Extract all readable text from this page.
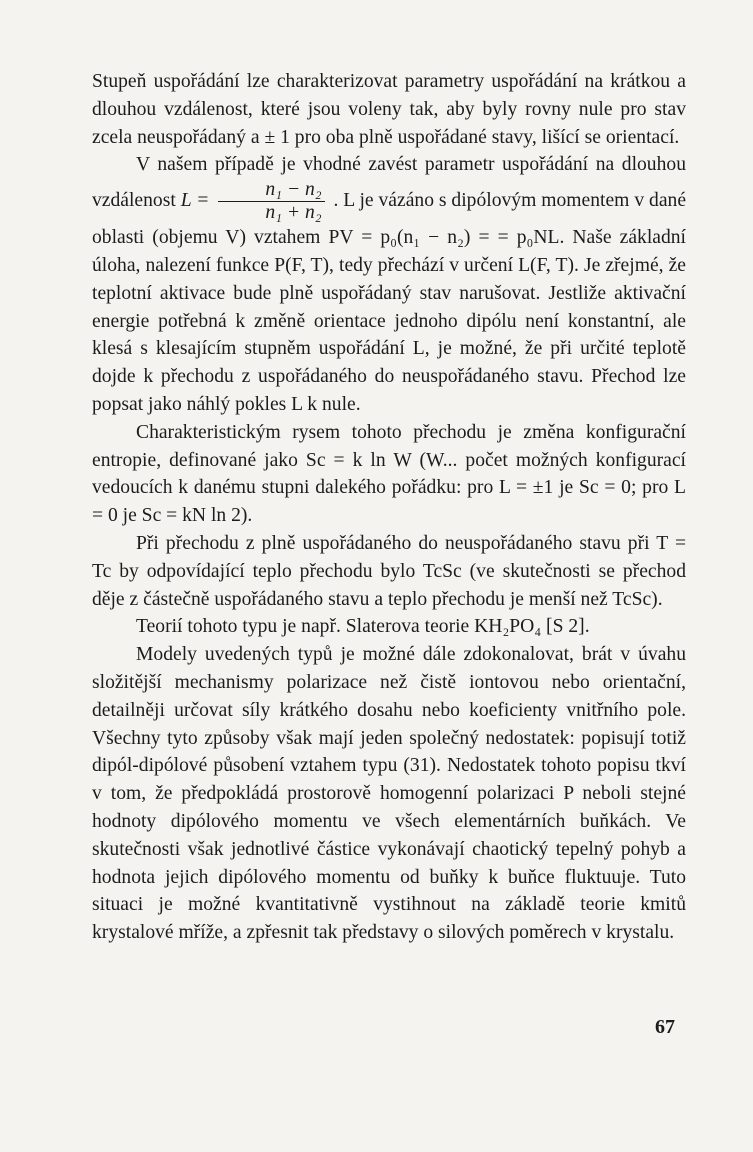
Stupeň uspořádání lze charakterizovat parametry uspořádání na krátkou a dlouhou vzdálenost, které jsou voleny tak, aby byly rovny nule pro stav zcela neuspořádaný a ± 1 pro oba plně uspořádané stavy, lišící se orientací.

V našem případě je vhodné zavést parametr uspořádání na dlouhou vzdálenost $L = \frac{\text{n₁ − n₂}}{\text{n₁ + n₂}}$ . L je vázáno s dipólovým momentem v dané oblasti (objemu V) vztahem PV = p₀(n₁ − n₂) = = p₀NL. Naše základní úloha, nalezení funkce P(F, T), tedy přechází v určení L(F, T). Je zřejmé, že teplotní aktivace bude plně uspořádaný stav narušovat. Jestliže aktivační energie potřebná k změně orientace jednoho dipólu není konstantní, ale klesá s klesajícím stupněm uspořádání L, je možné, že při určité teplotě dojde k přechodu z uspořádaného do neuspořádaného stavu. Přechod lze popsat jako náhlý pokles L k nule.

Charakteristickým rysem tohoto přechodu je změna konfigurační entropie, definované jako Sc = k ln W (W... počet možných konfigurací vedoucích k danému stupni dalekého pořádku: pro L = ±1 je Sc = 0; pro L = 0 je Sc = kN ln 2).

Při přechodu z plně uspořádaného do neuspořádaného stavu při T = Tc by odpovídající teplo přechodu bylo TcSc (ve skutečnosti se přechod děje z částečně uspořádaného stavu a teplo přechodu je menší než TcSc).

Teorií tohoto typu je např. Slaterova teorie KH₂PO₄ [S 2].

Modely uvedených typů je možné dále zdokonalovat, brát v úvahu složitější mechanismy polarizace než čistě iontovou nebo orientační, detailněji určovat síly krátkého dosahu nebo koeficienty vnitřního pole. Všechny tyto způsoby však mají jeden společný nedostatek: popisují totiž dipól-dipólové působení vztahem typu (31). Nedostatek tohoto popisu tkví v tom, že předpokládá prostorově homogenní polarizaci P neboli stejné hodnoty dipólového momentu ve všech elementárních buňkách. Ve skutečnosti však jednotlivé částice vykonávají chaotický tepelný pohyb a hodnota jejich dipólového momentu od buňky k buňce fluktuuje. Tuto situaci je možné kvantitativně vystihnout na základě teorie kmitů krystalové mříže, a zpřesnit tak představy o silových poměrech v krystalu.

67
